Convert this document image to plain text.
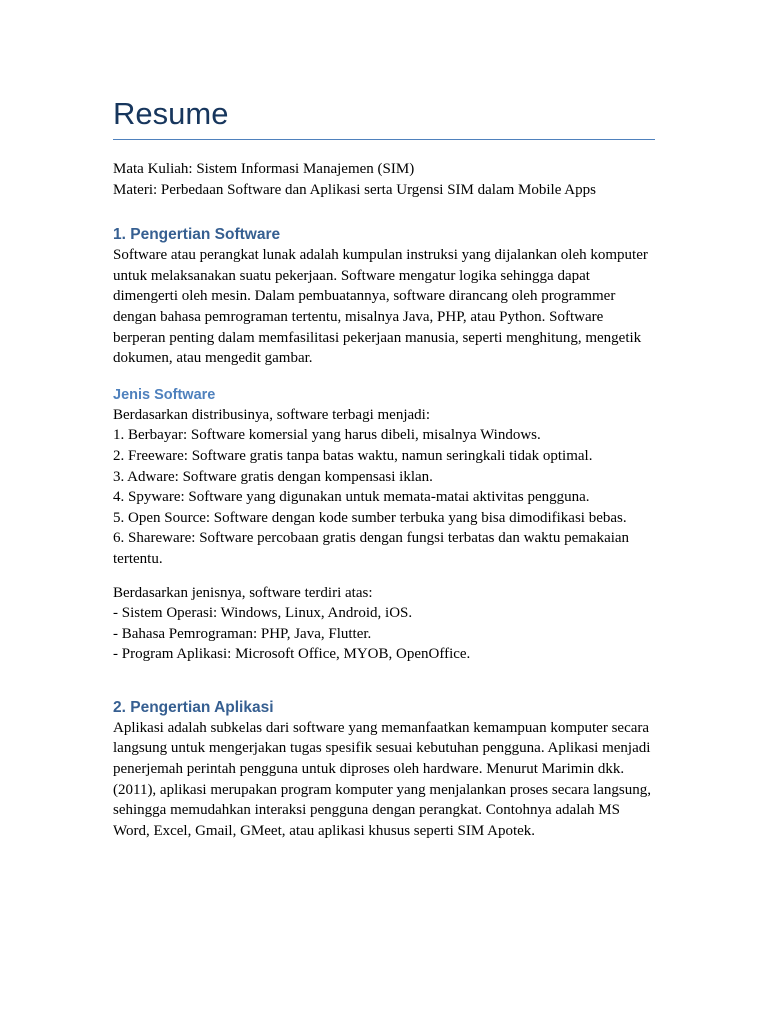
Resume
Mata Kuliah: Sistem Informasi Manajemen (SIM)
Materi: Perbedaan Software dan Aplikasi serta Urgensi SIM dalam Mobile Apps
1. Pengertian Software
Software atau perangkat lunak adalah kumpulan instruksi yang dijalankan oleh komputer
untuk melaksanakan suatu pekerjaan. Software mengatur logika sehingga dapat
dimengerti oleh mesin. Dalam pembuatannya, software dirancang oleh programmer
dengan bahasa pemrograman tertentu, misalnya Java, PHP, atau Python. Software
berperan penting dalam memfasilitasi pekerjaan manusia, seperti menghitung, mengetik
dokumen, atau mengedit gambar.
Jenis Software
Berdasarkan distribusinya, software terbagi menjadi:
1. Berbayar: Software komersial yang harus dibeli, misalnya Windows.
2. Freeware: Software gratis tanpa batas waktu, namun seringkali tidak optimal.
3. Adware: Software gratis dengan kompensasi iklan.
4. Spyware: Software yang digunakan untuk memata-matai aktivitas pengguna.
5. Open Source: Software dengan kode sumber terbuka yang bisa dimodifikasi bebas.
6. Shareware: Software percobaan gratis dengan fungsi terbatas dan waktu pemakaian
tertentu.
Berdasarkan jenisnya, software terdiri atas:
- Sistem Operasi: Windows, Linux, Android, iOS.
- Bahasa Pemrograman: PHP, Java, Flutter.
- Program Aplikasi: Microsoft Office, MYOB, OpenOffice.
2. Pengertian Aplikasi
Aplikasi adalah subkelas dari software yang memanfaatkan kemampuan komputer secara
langsung untuk mengerjakan tugas spesifik sesuai kebutuhan pengguna. Aplikasi menjadi
penerjemah perintah pengguna untuk diproses oleh hardware. Menurut Marimin dkk.
(2011), aplikasi merupakan program komputer yang menjalankan proses secara langsung,
sehingga memudahkan interaksi pengguna dengan perangkat. Contohnya adalah MS
Word, Excel, Gmail, GMeet, atau aplikasi khusus seperti SIM Apotek.
